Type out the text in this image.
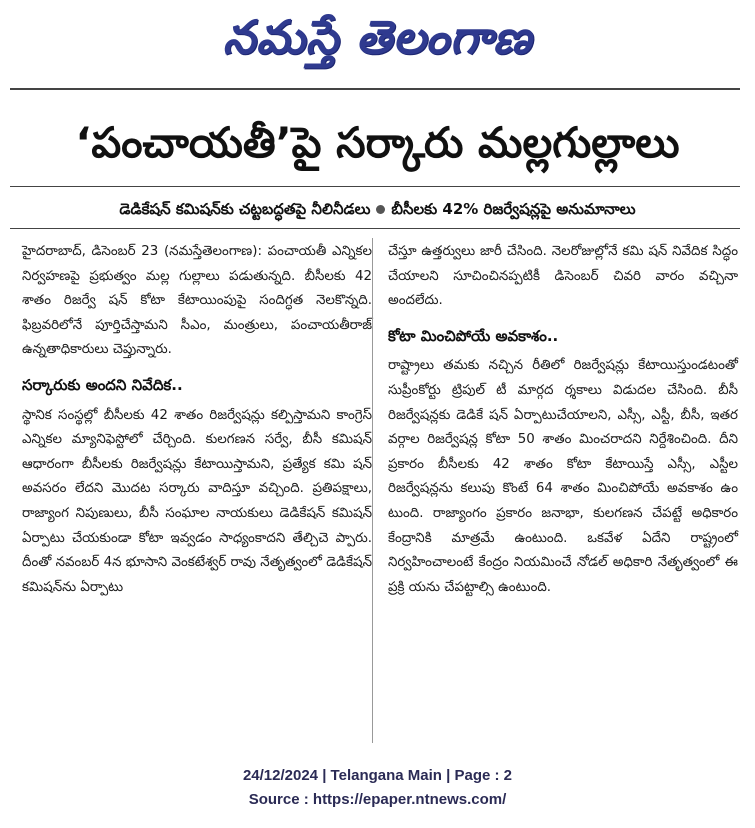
నమస్తే తెలంగాణ
‘పంచాయతీ’పై సర్కారు మల్లగుల్లాలు
డెడికేషన్‌ కమిషన్‌కు చట్టబద్ధతపై నీలినీడలు బీసీలకు 42% రిజర్వేషన్లపై అనుమానాలు

హైదరాబాద్‌, డిసెంబర్‌ 23 (నమస్తేతెలంగాణ): పంచాయతీ ఎన్నికల నిర్వహణపై ప్రభుత్వం మల్ల గుల్లాలు పడుతున్నది. బీసీలకు 42 శాతం రిజర్వే షన్‌ కోటా కేటాయింపుపై సందిగ్ధత నెలకొన్నది. ఫిబ్రవరిలోనే పూర్తిచేస్తామని సీఎం, మంత్రులు, పంచాయతీరాజ్‌ ఉన్నతాధికారులు చెప్తున్నారు.

సర్కారుకు అందని నివేదిక..

స్థానిక సంస్థల్లో బీసీలకు 42 శాతం రిజర్వేషన్లు కల్పిస్తామని కాంగ్రెస్‌ ఎన్నికల మ్యానిఫెస్టోలో చేర్చింది. కులగణన సర్వే, బీసీ కమిషన్‌ ఆధారంగా బీసీలకు రిజర్వేషన్లు కేటాయిస్తామని, ప్రత్యేక కమి షన్‌ అవసరం లేదని మొదట సర్కారు వాదిస్తూ వచ్చింది. ప్రతిపక్షాలు, రాజ్యాంగ నిపుణులు, బీసీ సంఘాల నాయకులు డెడికేషన్‌ కమిషన్‌ ఏర్పాటు చేయకుండా కోటా ఇవ్వడం సాధ్యంకాదని తేల్చిచె ప్పారు. దీంతో నవంబర్‌ 4న భూసాని వెంకటేశ్వర్‌ రావు నేతృత్వంలో డెడికేషన్‌ కమిషన్‌ను ఏర్పాటు

చేస్తూ ఉత్తర్వులు జారీ చేసింది. నెలరోజుల్లోనే కమి షన్‌ నివేదిక సిద్ధం చేయాలని సూచించినప్పటికీ డిసెంబర్‌ చివరి వారం వచ్చినా అందలేదు.

కోటా మించిపోయే అవకాశం..

రాష్ట్రాలు తమకు నచ్చిన రీతిలో రిజర్వేషన్లు కేటాయిస్తుండటంతో సుప్రీంకోర్టు ట్రిపుల్‌ టీ మార్గద ర్శకాలు విడుదల చేసింది. బీసీ రిజర్వేషన్లకు డెడికే షన్‌ ఏర్పాటుచేయాలని, ఎస్సీ, ఎస్టీ, బీసీ, ఇతర వర్గాల రిజర్వేషన్ల కోటా 50 శాతం మించరాదని నిర్దేశించింది. దీని ప్రకారం బీసీలకు 42 శాతం కోటా కేటాయిస్తే ఎస్సీ, ఎస్టీల రిజర్వేషన్లను కలుపు కొంటే 64 శాతం మించిపోయే అవకాశం ఉం టుంది. రాజ్యాంగం ప్రకారం జనాభా, కులగణన చేపట్టే అధికారం కేంద్రానికి మాత్రమే ఉంటుంది. ఒకవేళ ఏదేని రాష్ట్రంలో నిర్వహించాలంటే కేంద్రం నియమించే నోడల్‌ అధికారి నేతృత్వంలో ఈ ప్రక్రి యను చేపట్టాల్సి ఉంటుంది.

24/12/2024 | Telangana Main | Page : 2
Source : https://epaper.ntnews.com/
